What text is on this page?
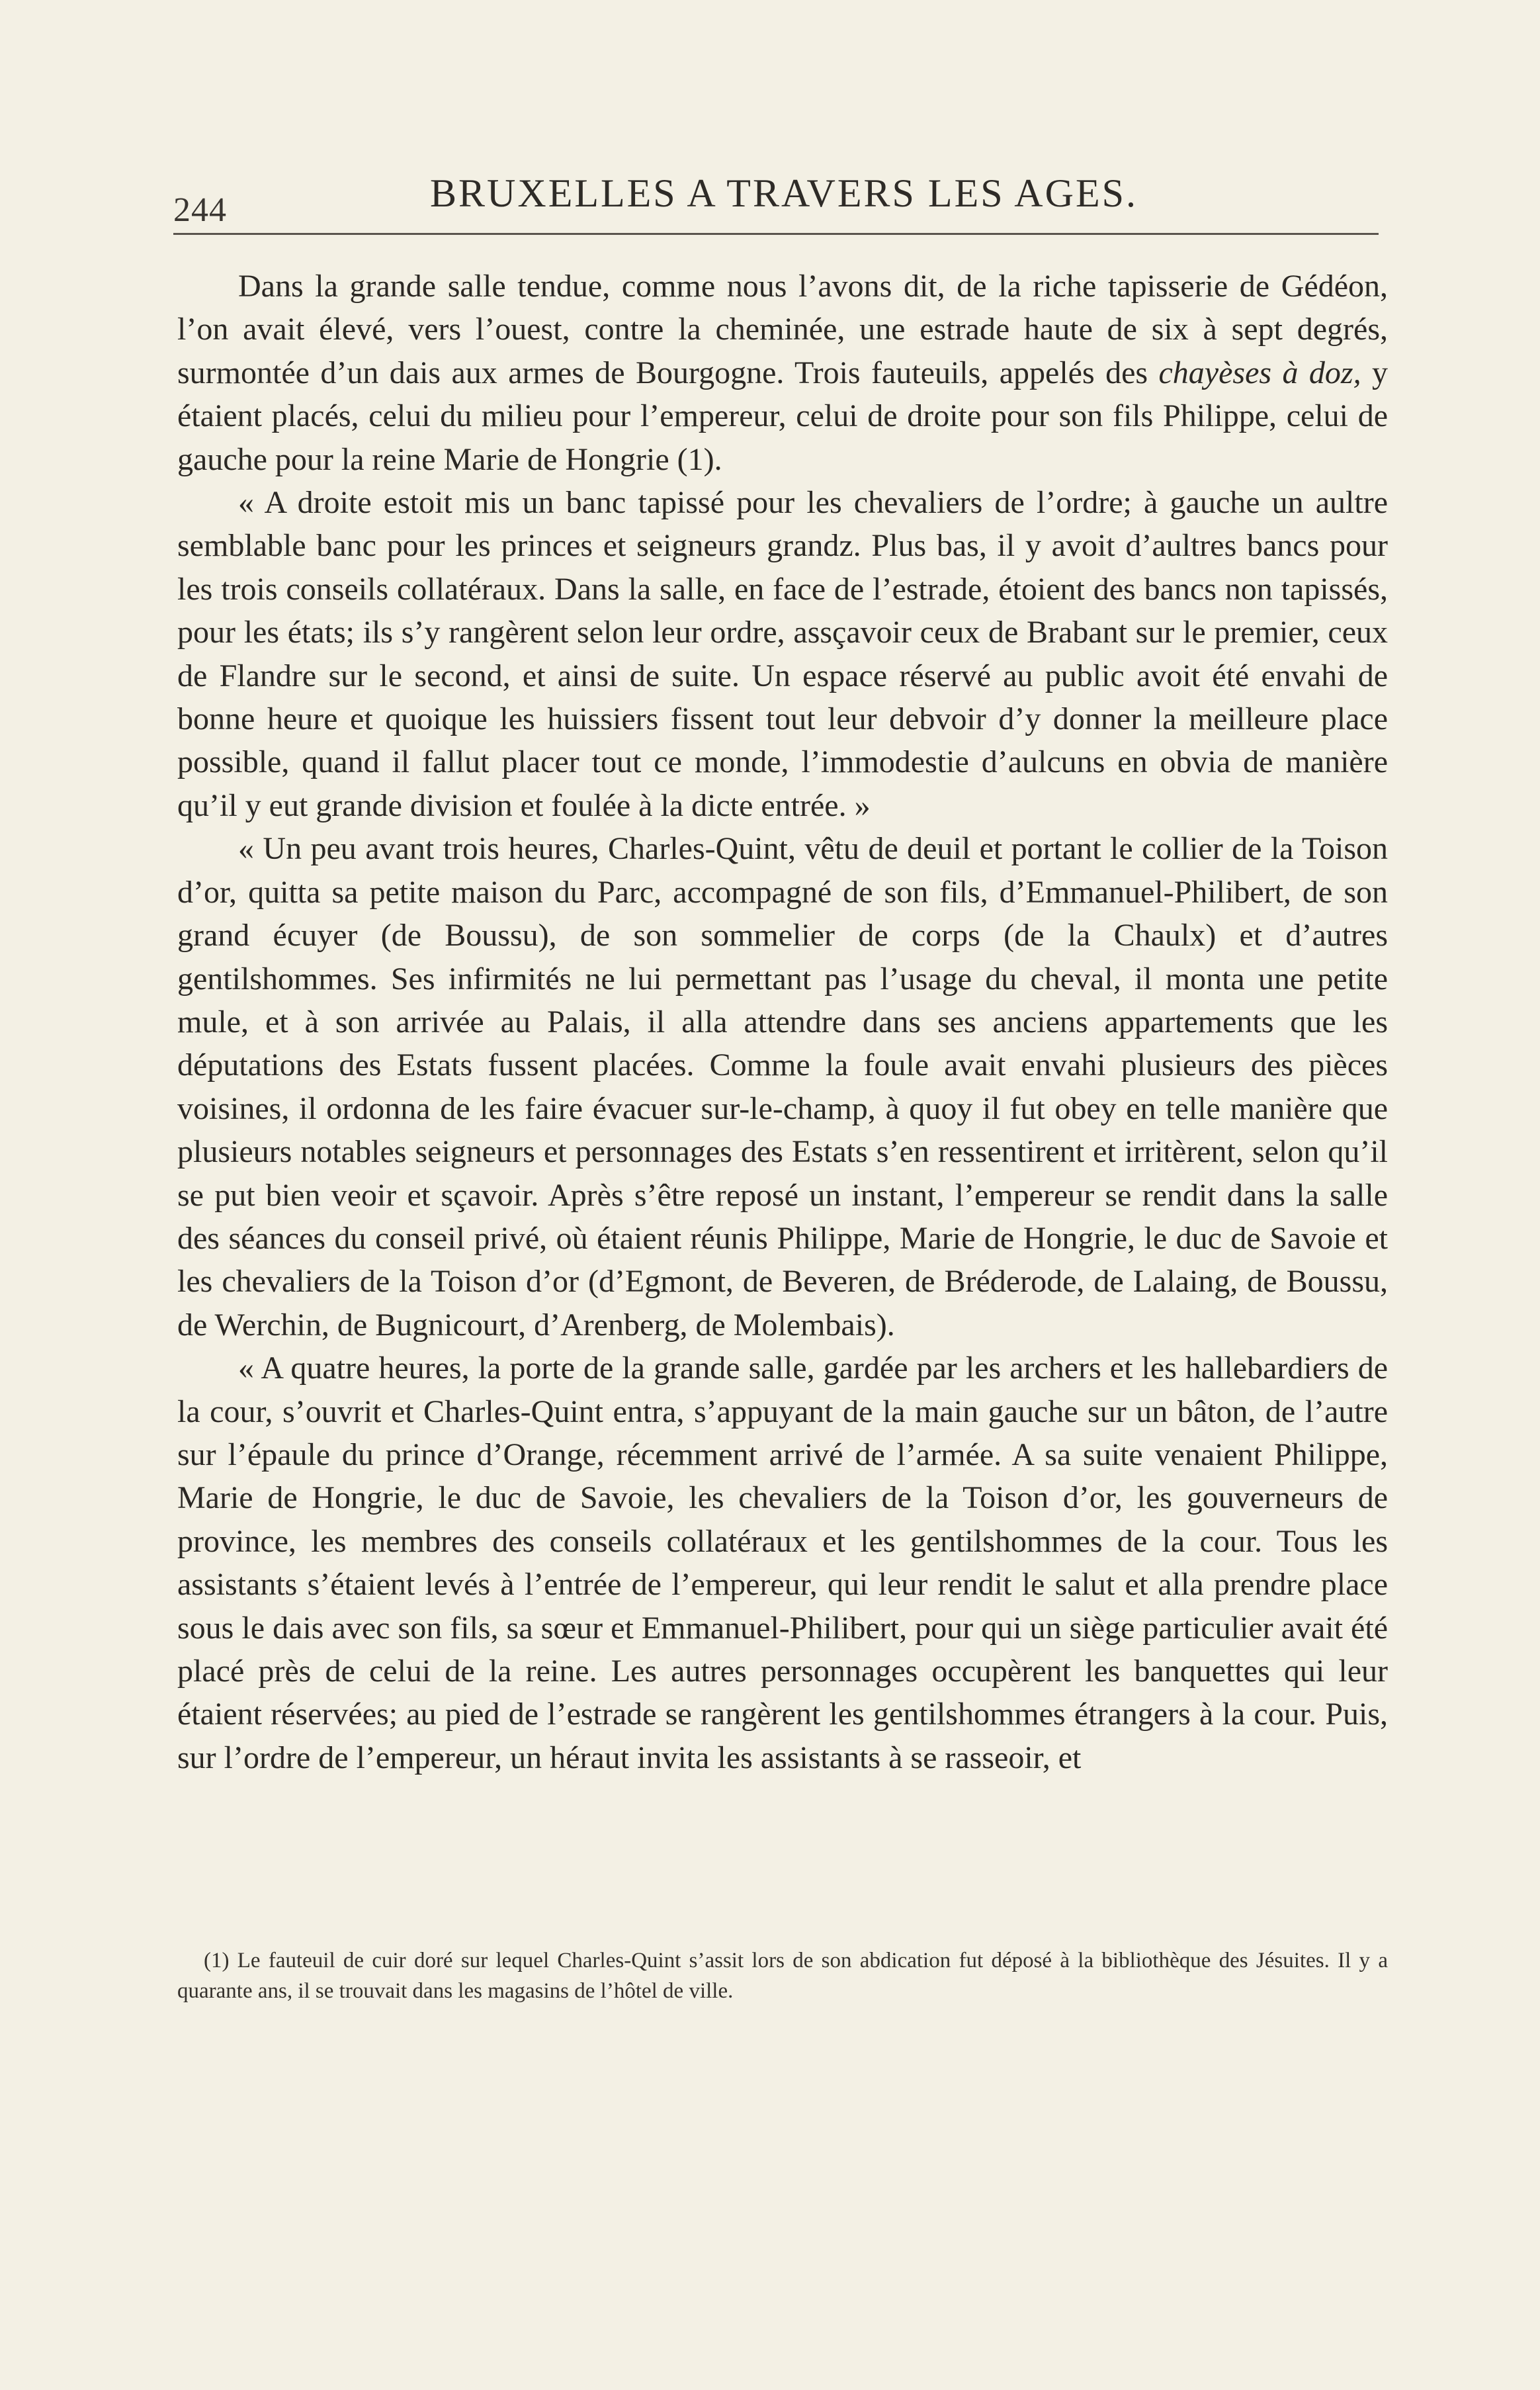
244	BRUXELLES A TRAVERS LES AGES.

Dans la grande salle tendue, comme nous l’avons dit, de la riche tapisserie de Gédéon, l’on avait élevé, vers l’ouest, contre la cheminée, une estrade haute de six à sept degrés, surmontée d’un dais aux armes de Bourgogne. Trois fauteuils, appelés des chayèses à doz, y étaient placés, celui du milieu pour l’empereur, celui de droite pour son fils Philippe, celui de gauche pour la reine Marie de Hongrie (1).

« A droite estoit mis un banc tapissé pour les chevaliers de l’ordre; à gauche un aultre semblable banc pour les princes et seigneurs grandz. Plus bas, il y avoit d’aultres bancs pour les trois conseils collatéraux. Dans la salle, en face de l’estrade, étoient des bancs non tapissés, pour les états; ils s’y rangèrent selon leur ordre, assçavoir ceux de Brabant sur le premier, ceux de Flandre sur le second, et ainsi de suite. Un espace réservé au public avoit été envahi de bonne heure et quoique les huissiers fissent tout leur debvoir d’y donner la meilleure place possible, quand il fallut placer tout ce monde, l’immodestie d’aulcuns en obvia de manière qu’il y eut grande division et foulée à la dicte entrée. »

« Un peu avant trois heures, Charles-Quint, vêtu de deuil et portant le collier de la Toison d’or, quitta sa petite maison du Parc, accompagné de son fils, d’Emmanuel-Philibert, de son grand écuyer (de Boussu), de son sommelier de corps (de la Chaulx) et d’autres gentilshommes. Ses infirmités ne lui permettant pas l’usage du cheval, il monta une petite mule, et à son arrivée au Palais, il alla attendre dans ses anciens appartements que les députations des Estats fussent placées. Comme la foule avait envahi plusieurs des pièces voisines, il ordonna de les faire évacuer sur-le-champ, à quoy il fut obey en telle manière que plusieurs notables seigneurs et personnages des Estats s’en ressentirent et irritèrent, selon qu’il se put bien veoir et sçavoir. Après s’être reposé un instant, l’empereur se rendit dans la salle des séances du conseil privé, où étaient réunis Philippe, Marie de Hongrie, le duc de Savoie et les chevaliers de la Toison d’or (d’Egmont, de Beveren, de Bréderode, de Lalaing, de Boussu, de Werchin, de Bugnicourt, d’Arenberg, de Molembais).

« A quatre heures, la porte de la grande salle, gardée par les archers et les hallebardiers de la cour, s’ouvrit et Charles-Quint entra, s’appuyant de la main gauche sur un bâton, de l’autre sur l’épaule du prince d’Orange, récemment arrivé de l’armée. A sa suite venaient Philippe, Marie de Hongrie, le duc de Savoie, les chevaliers de la Toison d’or, les gouverneurs de province, les membres des conseils collatéraux et les gentilshommes de la cour. Tous les assistants s’étaient levés à l’entrée de l’empereur, qui leur rendit le salut et alla prendre place sous le dais avec son fils, sa sœur et Emmanuel-Philibert, pour qui un siège particulier avait été placé près de celui de la reine. Les autres personnages occupèrent les banquettes qui leur étaient réservées; au pied de l’estrade se rangèrent les gentilshommes étrangers à la cour. Puis, sur l’ordre de l’empereur, un héraut invita les assistants à se rasseoir, et

(1) Le fauteuil de cuir doré sur lequel Charles-Quint s’assit lors de son abdication fut déposé à la bibliothèque des Jésuites. Il y a quarante ans, il se trouvait dans les magasins de l’hôtel de ville.
